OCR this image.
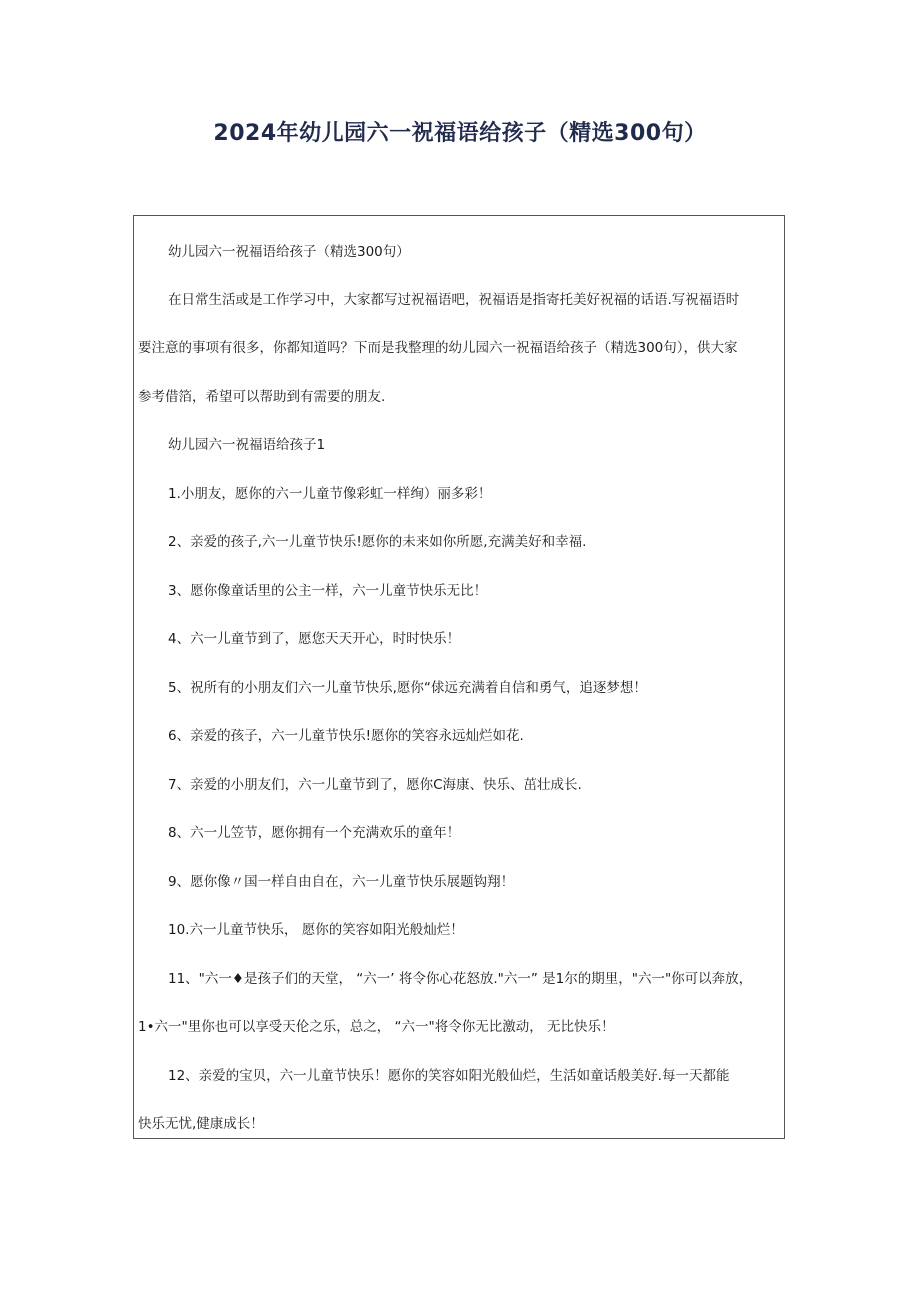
2024年幼儿园六一祝福语给孩子（精选300句）
幼儿园六一祝福语给孩子（精选300句）
在日常生活或是工作学习中，大家都写过祝福语吧，祝福语是指寄托美好祝福的话语.写祝福语时
要注意的事项有很多，你都知道吗？下而是我整理的幼儿园六一祝福语给孩子（精选300句），供大家
参考借箔，希望可以帮助到有需要的朋友.
幼儿园六一祝福语给孩子1
1.小朋友，愿你的六一儿童节像彩虹一样绚）丽多彩！
2、亲爱的孩子,六一儿童节快乐!愿你的未来如你所愿,充满美好和幸福.
3、愿你像童话里的公主一样，六一儿童节快乐无比！
4、六一儿童节到了，愿您天天开心，时时快乐！
5、祝所有的小朋友们六一儿童节快乐,愿你“俅远充满着自信和勇气，追逐梦想！
6、亲爱的孩子，六一儿童节快乐!愿你的笑容永远灿烂如花.
7、亲爱的小朋友们，六一儿童节到了，愿你C海康、快乐、茁壮成长.
8、六一儿笠节，愿你拥有一个充满欢乐的童年！
9、愿你像〃国一样自由自在，六一儿童节快乐展题钩翔！
10.六一儿童节快乐， 愿你的笑容如阳光般灿烂！
11、"六一♦是孩子们的天堂， “六一’ 将令你心花怒放."六一” 是1尔的期里，"六一"你可以奔放，
1•六一"里你也可以享受天伦之乐，总之， “六一"将令你无比激动， 无比快乐！
12、亲爱的宝贝，六一儿童节快乐！愿你的笑容如阳光般仙烂，生活如童话般美好.每一天都能
快乐无忧,健康成长！
